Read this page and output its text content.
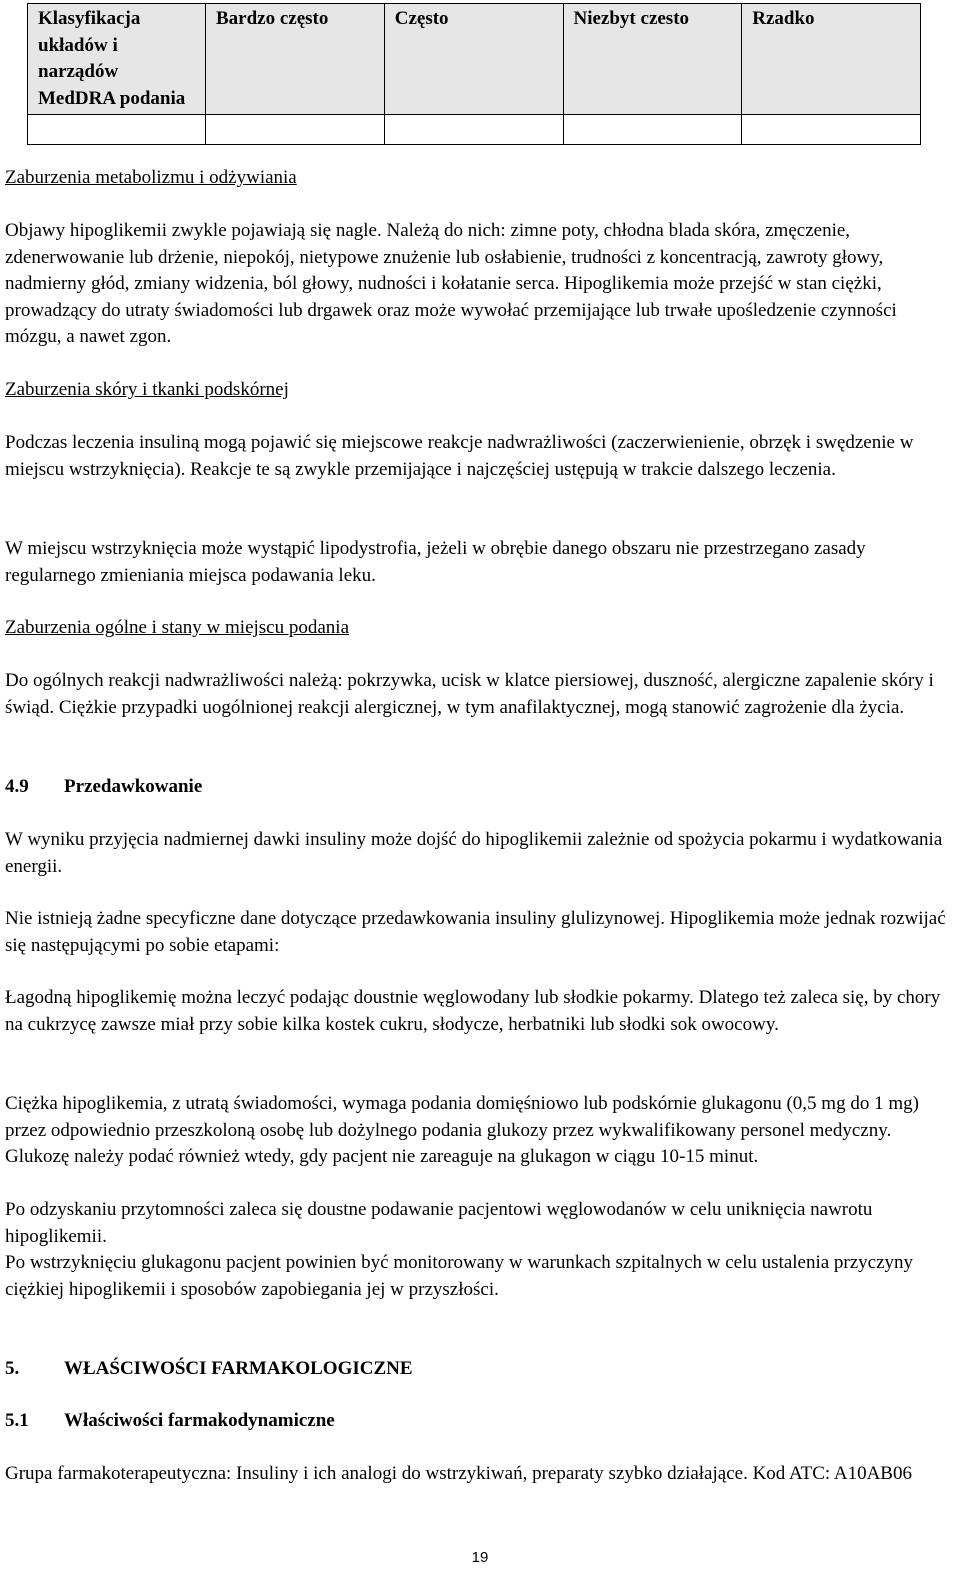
Klasyfikacja układów i narządów MedDRA podania	Bardzo często	Często	Niezbyt czesto	Rzadko

Zaburzenia metabolizmu i odżywiania

Objawy hipoglikemii zwykle pojawiają się nagle. Należą do nich: zimne poty, chłodna blada skóra, zmęczenie, zdenerwowanie lub drżenie, niepokój, nietypowe znużenie lub osłabienie, trudności z koncentracją, zawroty głowy, nadmierny głód, zmiany widzenia, ból głowy, nudności i kołatanie serca. Hipoglikemia może przejść w stan ciężki, prowadzący do utraty świadomości lub drgawek oraz może wywołać przemijające lub trwałe upośledzenie czynności mózgu, a nawet zgon.

Zaburzenia skóry i tkanki podskórnej

Podczas leczenia insuliną mogą pojawić się miejscowe reakcje nadwrażliwości (zaczerwienienie, obrzęk i swędzenie w miejscu wstrzyknięcia). Reakcje te są zwykle przemijające i najczęściej ustępują w trakcie dalszego leczenia.

W miejscu wstrzyknięcia może wystąpić lipodystrofia, jeżeli w obrębie danego obszaru nie przestrzegano zasady regularnego zmieniania miejsca podawania leku.

Zaburzenia ogólne i stany w miejscu podania

Do ogólnych reakcji nadwrażliwości należą: pokrzywka, ucisk w klatce piersiowej, duszność, alergiczne zapalenie skóry i świąd. Ciężkie przypadki uogólnionej reakcji alergicznej, w tym anafilaktycznej, mogą stanowić zagrożenie dla życia.

4.9 Przedawkowanie

W wyniku przyjęcia nadmiernej dawki insuliny może dojść do hipoglikemii zależnie od spożycia pokarmu i wydatkowania energii.

Nie istnieją żadne specyficzne dane dotyczące przedawkowania insuliny glulizynowej. Hipoglikemia może jednak rozwijać się następującymi po sobie etapami:

Łagodną hipoglikemię można leczyć podając doustnie węglowodany lub słodkie pokarmy. Dlatego też zaleca się, by chory na cukrzycę zawsze miał przy sobie kilka kostek cukru, słodycze, herbatniki lub słodki sok owocowy.

Ciężka hipoglikemia, z utratą świadomości, wymaga podania domięśniowo lub podskórnie glukagonu (0,5 mg do 1 mg) przez odpowiednio przeszkoloną osobę lub dożylnego podania glukozy przez wykwalifikowany personel medyczny. Glukozę należy podać również wtedy, gdy pacjent nie zareaguje na glukagon w ciągu 10-15 minut.

Po odzyskaniu przytomności zaleca się doustne podawanie pacjentowi węglowodanów w celu uniknięcia nawrotu hipoglikemii.

Po wstrzyknięciu glukagonu pacjent powinien być monitorowany w warunkach szpitalnych w celu ustalenia przyczyny ciężkiej hipoglikemii i sposobów zapobiegania jej w przyszłości.

5. WŁAŚCIWOŚCI FARMAKOLOGICZNE

5.1 Właściwości farmakodynamiczne

Grupa farmakoterapeutyczna: Insuliny i ich analogi do wstrzykiwań, preparaty szybko działające. Kod ATC: A10AB06

19
